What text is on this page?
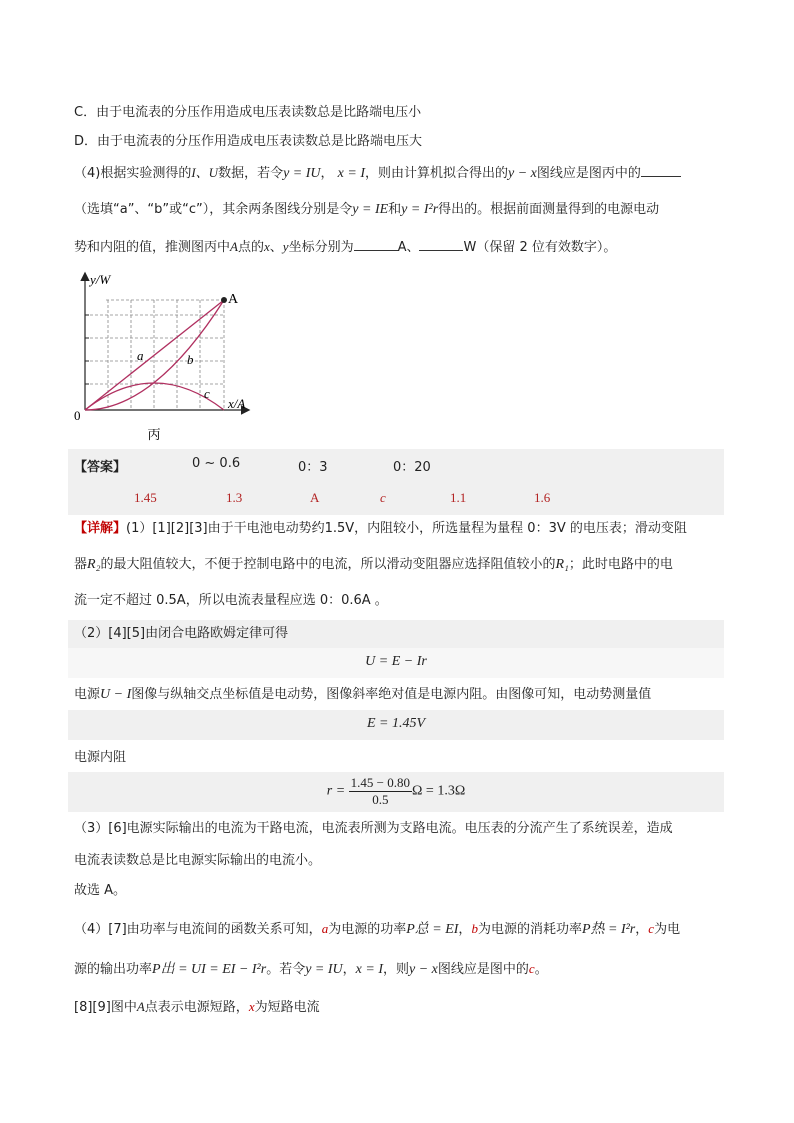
C．由于电流表的分压作用造成电压表读数总是比路端电压小
D．由于电流表的分压作用造成电压表读数总是比路端电压大
（4)根据实验测得的I、U数据，若令y = IU， x = I，则由计算机拟合得出的y − x图线应是图丙中的
（选填“a”、“b”或“c”），其余两条图线分别是令y = IE和y = I²r得出的。根据前面测量得到的电源电动
势和内阻的值，推测图丙中A点的x、y坐标分别为	A、	W（保留 2 位有效数字）。
y/W
x/A
0
A
a	b
c
丙
【答案】	0 ~ 0.6	0：3	0：20
1.45	1.3	A	c	1.1	1.6
【详解】(1）[1][2][3]由于干电池电动势约1.5V，内阻较小，所选量程为量程 0：3V 的电压表；滑动变阻
器R₂的最大阻值较大，不便于控制电路中的电流，所以滑动变阻器应选择阻值较小的R₁；此时电路中的电
流一定不超过 0.5A，所以电流表量程应选 0：0.6A 。
（2）[4][5]由闭合电路欧姆定律可得
U = E − Ir
电源U − I图像与纵轴交点坐标值是电动势，图像斜率绝对值是电源内阻。由图像可知，电动势测量值
E = 1.45V
电源内阻
$r = \frac{1.45 - 0.80}{0.5}$ Ω = 1.3Ω
（3）[6]电源实际输出的电流为干路电流，电流表所测为支路电流。电压表的分流产生了系统误差，造成
电流表读数总是比电源实际输出的电流小。
故选 A。
（4）[7]由功率与电流间的函数关系可知，a为电源的功率P总 = EI，b为电源的消耗功率P热 = I²r，c为电
源的输出功率P出 = UI = EI − I²r。若令y = IU，x = I，则y − x图线应是图中的c。
[8][9]图中A点表示电源短路，x为短路电流
